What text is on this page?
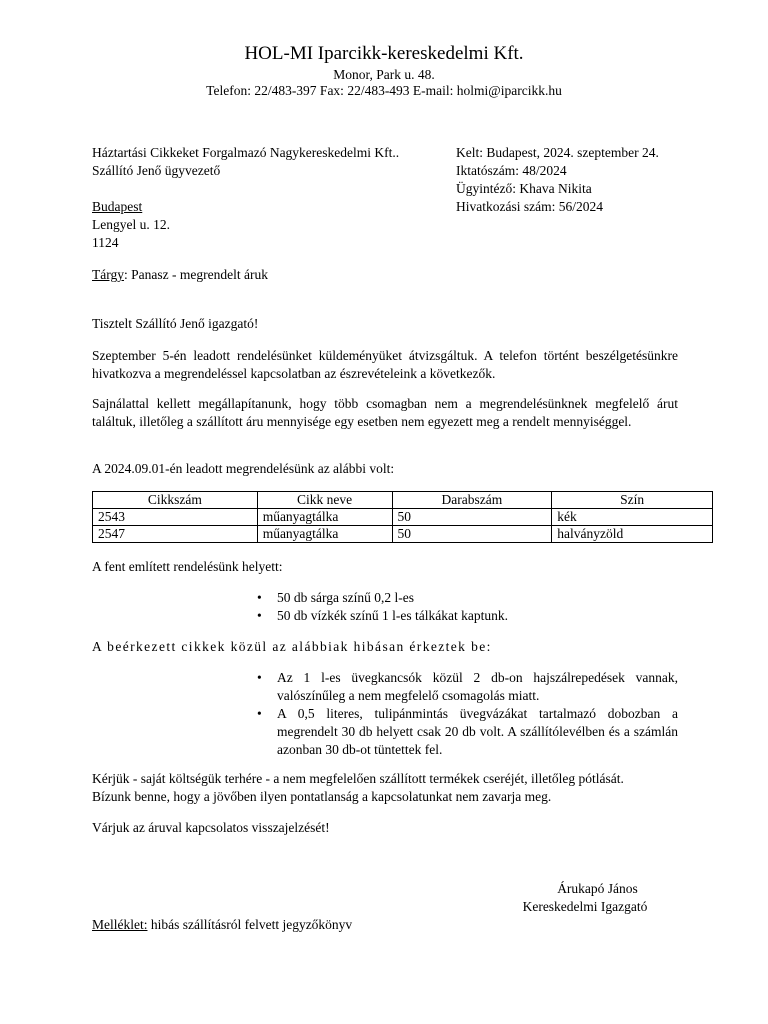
HOL-MI Iparcikk-kereskedelmi Kft.
Monor, Park u. 48.
Telefon: 22/483-397 Fax: 22/483-493 E-mail: holmi@iparcikk.hu
Háztartási Cikkeket Forgalmazó Nagykereskedelmi Kft..
Szállító Jenő ügyvezető
Budapest
Lengyel u. 12.
1124
Kelt: Budapest, 2024. szeptember 24.
Iktatószám: 48/2024
Ügyintéző: Khava Nikita
Hivatkozási szám: 56/2024
Tárgy: Panasz - megrendelt áruk
Tisztelt Szállító Jenő igazgató!
Szeptember 5-én leadott rendelésünket küldeményüket átvizsgáltuk. A telefon történt beszélgetésünkre hivatkozva a megrendeléssel kapcsolatban az észrevételeink a következők.
Sajnálattal kellett megállapítanunk, hogy több csomagban nem a megrendelésünknek megfelelő árut találtuk, illetőleg a szállított áru mennyisége egy esetben nem egyezett meg a rendelt mennyiséggel.
A 2024.09.01-én leadott megrendelésünk az alábbi volt:
Cikkszám	Cikk neve	Darabszám	Szín
2543	műanyagtálka	50	kék
2547	műanyagtálka	50	halványzöld
A fent említett rendelésünk helyett:
• 50 db sárga színű 0,2 l-es
• 50 db vízkék színű 1 l-es tálkákat kaptunk.
A beérkezett cikkek közül az alábbiak hibásan érkeztek be:
• Az 1 l-es üvegkancsók közül 2 db-on hajszálrepedések vannak, valószínűleg a nem megfelelő csomagolás miatt.
• A 0,5 literes, tulipánmintás üvegvázákat tartalmazó dobozban a megrendelt 30 db helyett csak 20 db volt. A szállítólevélben és a számlán azonban 30 db-ot tüntettek fel.
Kérjük - saját költségük terhére - a nem megfelelően szállított termékek cseréjét, illetőleg pótlását.
Bízunk benne, hogy a jövőben ilyen pontatlanság a kapcsolatunkat nem zavarja meg.
Várjuk az áruval kapcsolatos visszajelzését!
Árukapó János
Kereskedelmi Igazgató
Melléklet: hibás szállításról felvett jegyzőkönyv
